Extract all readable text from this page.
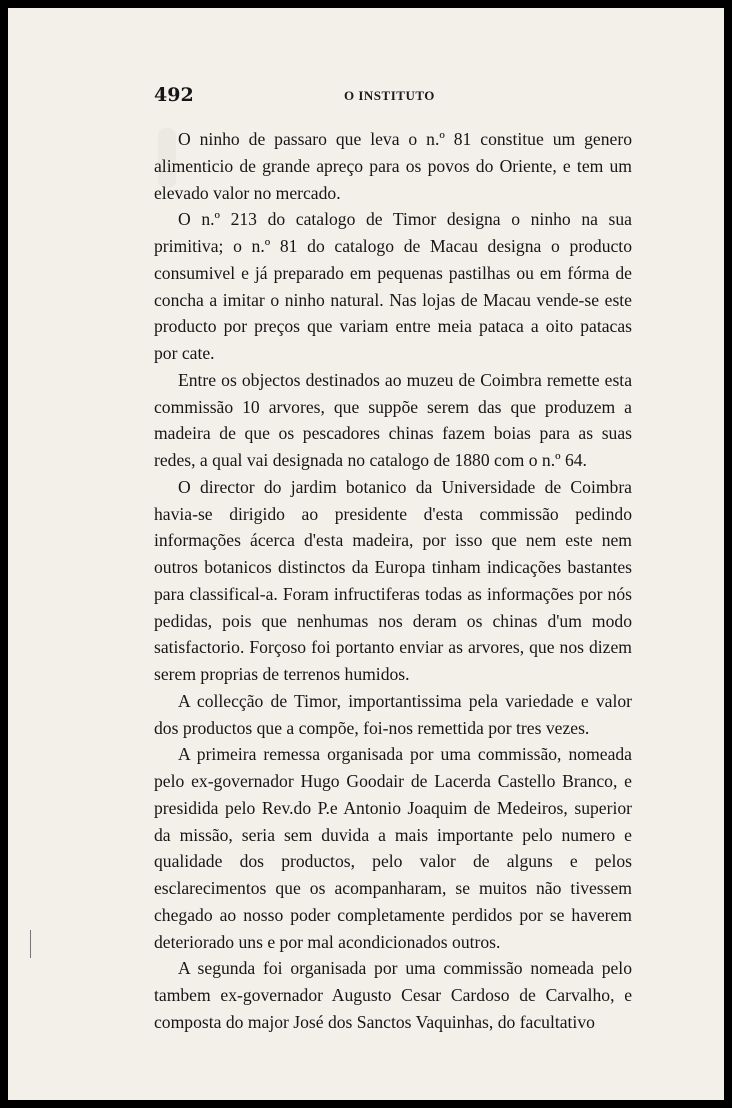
492	O INSTITUTO

O ninho de passaro que leva o n.º 81 constitue um genero alimenticio de grande apreço para os povos do Oriente, e tem um elevado valor no mercado.

O n.º 213 do catalogo de Timor designa o ninho na sua primitiva; o n.º 81 do catalogo de Macau designa o producto consumivel e já preparado em pequenas pastilhas ou em fórma de concha a imitar o ninho natural. Nas lojas de Macau vende-se este producto por preços que variam entre meia pataca a oito patacas por cate.

Entre os objectos destinados ao muzeu de Coimbra remette esta commissão 10 arvores, que suppõe serem das que produzem a madeira de que os pescadores chinas fazem boias para as suas redes, a qual vai designada no catalogo de 1880 com o n.º 64.

O director do jardim botanico da Universidade de Coimbra havia-se dirigido ao presidente d'esta commissão pedindo informações ácerca d'esta madeira, por isso que nem este nem outros botanicos distinctos da Europa tinham indicações bastantes para classifical-a. Foram infructiferas todas as informações por nós pedidas, pois que nenhumas nos deram os chinas d'um modo satisfactorio. Forçoso foi portanto enviar as arvores, que nos dizem serem proprias de terrenos humidos.

A collecção de Timor, importantissima pela variedade e valor dos productos que a compõe, foi-nos remettida por tres vezes.

A primeira remessa organisada por uma commissão, nomeada pelo ex-governador Hugo Goodair de Lacerda Castello Branco, e presidida pelo Rev.do P.e Antonio Joaquim de Medeiros, superior da missão, seria sem duvida a mais importante pelo numero e qualidade dos productos, pelo valor de alguns e pelos esclarecimentos que os acompanharam, se muitos não tivessem chegado ao nosso poder completamente perdidos por se haverem deteriorado uns e por mal acondicionados outros.

A segunda foi organisada por uma commissão nomeada pelo tambem ex-governador Augusto Cesar Cardoso de Carvalho, e composta do major José dos Sanctos Vaquinhas, do facultativo
